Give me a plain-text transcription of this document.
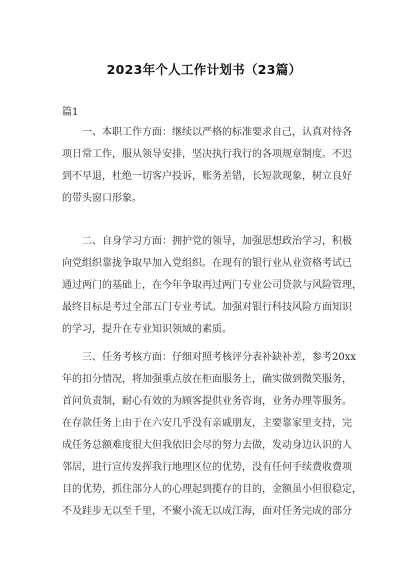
2023年个人工作计划书（23篇）
篇1

一、本职工作方面：继续以严格的标准要求自己，认真对待各

项日常工作，服从领导安排，坚决执行我行的各项规章制度。不迟

到不早退，杜绝一切客户投诉，账务差错，长短款现象，树立良好

的带头窗口形象。

二、自身学习方面：拥护党的领导，加强思想政治学习，积极

向党组织靠拢争取早加入党组织。在现有的银行业从业资格考试已

通过两门的基础上，在今年争取再过两门专业公司贷款与风险管理，

最终目标是考过全部五门专业考试。加强对银行科技风险方面知识

的学习，提升在专业知识领域的素质。

三、任务考核方面：仔细对照考核评分表补缺补差，参考20xx

年的扣分情况，将加强重点放在柜面服务上，确实做到微笑服务，

首问负责制，耐心有效的为顾客提供业务咨询，业务办理等服务。

在存款任务上由于在六安几乎没有亲戚朋友，主要靠家里支持，完

成任务总额难度很大但我依旧会尽的努力去做，发动身边认识的人

邻居，进行宣传发挥我行地理区位的优势，没有任何手续费收费项

目的优势，抓住部分人的心理起到揽存的目的，金额虽小但很稳定，

不及跬步无以至千里，不聚小流无以成江海，面对任务完成的部分
